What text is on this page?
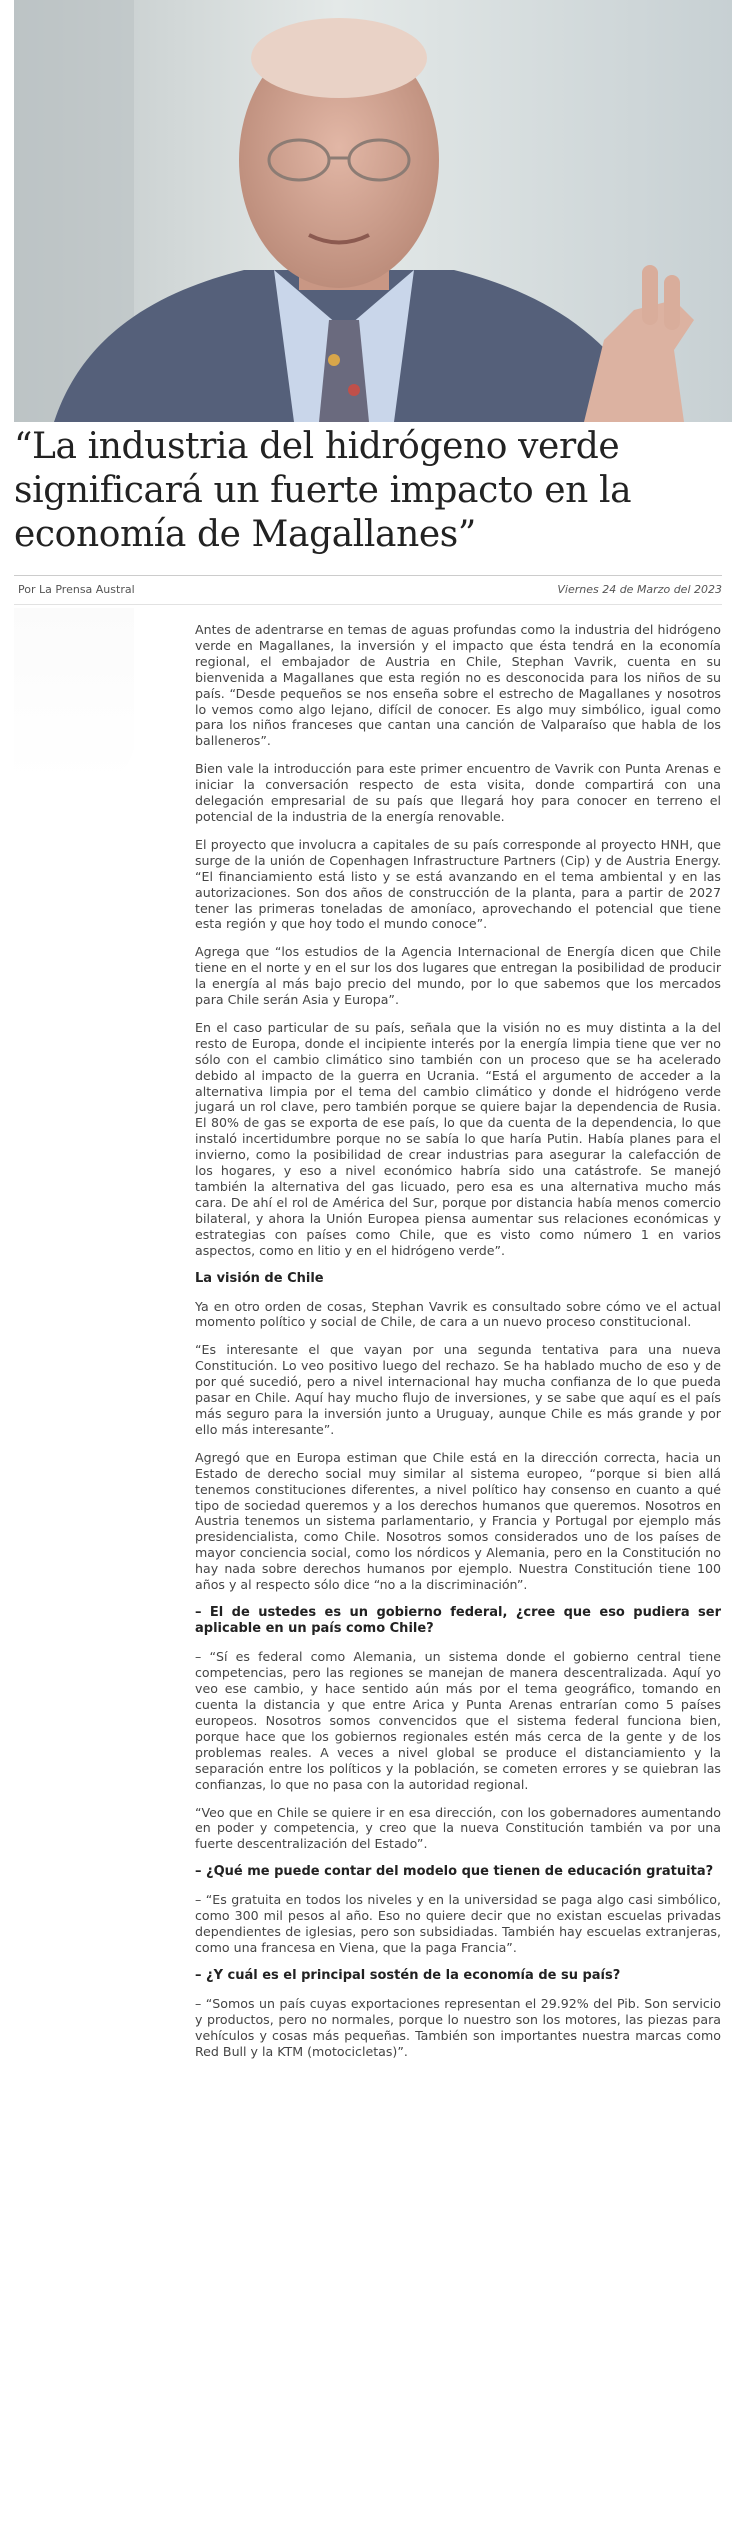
“La industria del hidrógeno verde significará un fuerte impacto en la economía de Magallanes”
Por La Prensa Austral	Viernes 24 de Marzo del 2023

Antes de adentrarse en temas de aguas profundas como la industria del hidrógeno verde en Magallanes, la inversión y el impacto que ésta tendrá en la economía regional, el embajador de Austria en Chile, Stephan Vavrik, cuenta en su bienvenida a Magallanes que esta región no es desconocida para los niños de su país. “Desde pequeños se nos enseña sobre el estrecho de Magallanes y nosotros lo vemos como algo lejano, difícil de conocer. Es algo muy simbólico, igual como para los niños franceses que cantan una canción de Valparaíso que habla de los balleneros”.

Bien vale la introducción para este primer encuentro de Vavrik con Punta Arenas e iniciar la conversación respecto de esta visita, donde compartirá con una delegación empresarial de su país que llegará hoy para conocer en terreno el potencial de la industria de la energía renovable.

El proyecto que involucra a capitales de su país corresponde al proyecto HNH, que surge de la unión de Copenhagen Infrastructure Partners (Cip) y de Austria Energy. “El financiamiento está listo y se está avanzando en el tema ambiental y en las autorizaciones. Son dos años de construcción de la planta, para a partir de 2027 tener las primeras toneladas de amoníaco, aprovechando el potencial que tiene esta región y que hoy todo el mundo conoce”.

Agrega que “los estudios de la Agencia Internacional de Energía dicen que Chile tiene en el norte y en el sur los dos lugares que entregan la posibilidad de producir la energía al más bajo precio del mundo, por lo que sabemos que los mercados para Chile serán Asia y Europa”.

En el caso particular de su país, señala que la visión no es muy distinta a la del resto de Europa, donde el incipiente interés por la energía limpia tiene que ver no sólo con el cambio climático sino también con un proceso que se ha acelerado debido al impacto de la guerra en Ucrania. “Está el argumento de acceder a la alternativa limpia por el tema del cambio climático y donde el hidrógeno verde jugará un rol clave, pero también porque se quiere bajar la dependencia de Rusia. El 80% de gas se exporta de ese país, lo que da cuenta de la dependencia, lo que instaló incertidumbre porque no se sabía lo que haría Putin. Había planes para el invierno, como la posibilidad de crear industrias para asegurar la calefacción de los hogares, y eso a nivel económico habría sido una catástrofe. Se manejó también la alternativa del gas licuado, pero esa es una alternativa mucho más cara. De ahí el rol de América del Sur, porque por distancia había menos comercio bilateral, y ahora la Unión Europea piensa aumentar sus relaciones económicas y estrategias con países como Chile, que es visto como número 1 en varios aspectos, como en litio y en el hidrógeno verde”.

La visión de Chile

Ya en otro orden de cosas, Stephan Vavrik es consultado sobre cómo ve el actual momento político y social de Chile, de cara a un nuevo proceso constitucional.

“Es interesante el que vayan por una segunda tentativa para una nueva Constitución. Lo veo positivo luego del rechazo. Se ha hablado mucho de eso y de por qué sucedió, pero a nivel internacional hay mucha confianza de lo que pueda pasar en Chile. Aquí hay mucho flujo de inversiones, y se sabe que aquí es el país más seguro para la inversión junto a Uruguay, aunque Chile es más grande y por ello más interesante”.

Agregó que en Europa estiman que Chile está en la dirección correcta, hacia un Estado de derecho social muy similar al sistema europeo, “porque si bien allá tenemos constituciones diferentes, a nivel político hay consenso en cuanto a qué tipo de sociedad queremos y a los derechos humanos que queremos. Nosotros en Austria tenemos un sistema parlamentario, y Francia y Portugal por ejemplo más presidencialista, como Chile. Nosotros somos considerados uno de los países de mayor conciencia social, como los nórdicos y Alemania, pero en la Constitución no hay nada sobre derechos humanos por ejemplo. Nuestra Constitución tiene 100 años y al respecto sólo dice “no a la discriminación”.

– El de ustedes es un gobierno federal, ¿cree que eso pudiera ser aplicable en un país como Chile?

– “Sí es federal como Alemania, un sistema donde el gobierno central tiene competencias, pero las regiones se manejan de manera descentralizada. Aquí yo veo ese cambio, y hace sentido aún más por el tema geográfico, tomando en cuenta la distancia y que entre Arica y Punta Arenas entrarían como 5 países europeos. Nosotros somos convencidos que el sistema federal funciona bien, porque hace que los gobiernos regionales estén más cerca de la gente y de los problemas reales. A veces a nivel global se produce el distanciamiento y la separación entre los políticos y la población, se cometen errores y se quiebran las confianzas, lo que no pasa con la autoridad regional.

“Veo que en Chile se quiere ir en esa dirección, con los gobernadores aumentando en poder y competencia, y creo que la nueva Constitución también va por una fuerte descentralización del Estado”.

– ¿Qué me puede contar del modelo que tienen de educación gratuita?

– “Es gratuita en todos los niveles y en la universidad se paga algo casi simbólico, como 300 mil pesos al año. Eso no quiere decir que no existan escuelas privadas dependientes de iglesias, pero son subsidiadas. También hay escuelas extranjeras, como una francesa en Viena, que la paga Francia”.

– ¿Y cuál es el principal sostén de la economía de su país?

– “Somos un país cuyas exportaciones representan el 29.92% del Pib. Son servicio y productos, pero no normales, porque lo nuestro son los motores, las piezas para vehículos y cosas más pequeñas. También son importantes nuestra marcas como Red Bull y la KTM (motocicletas)”.
